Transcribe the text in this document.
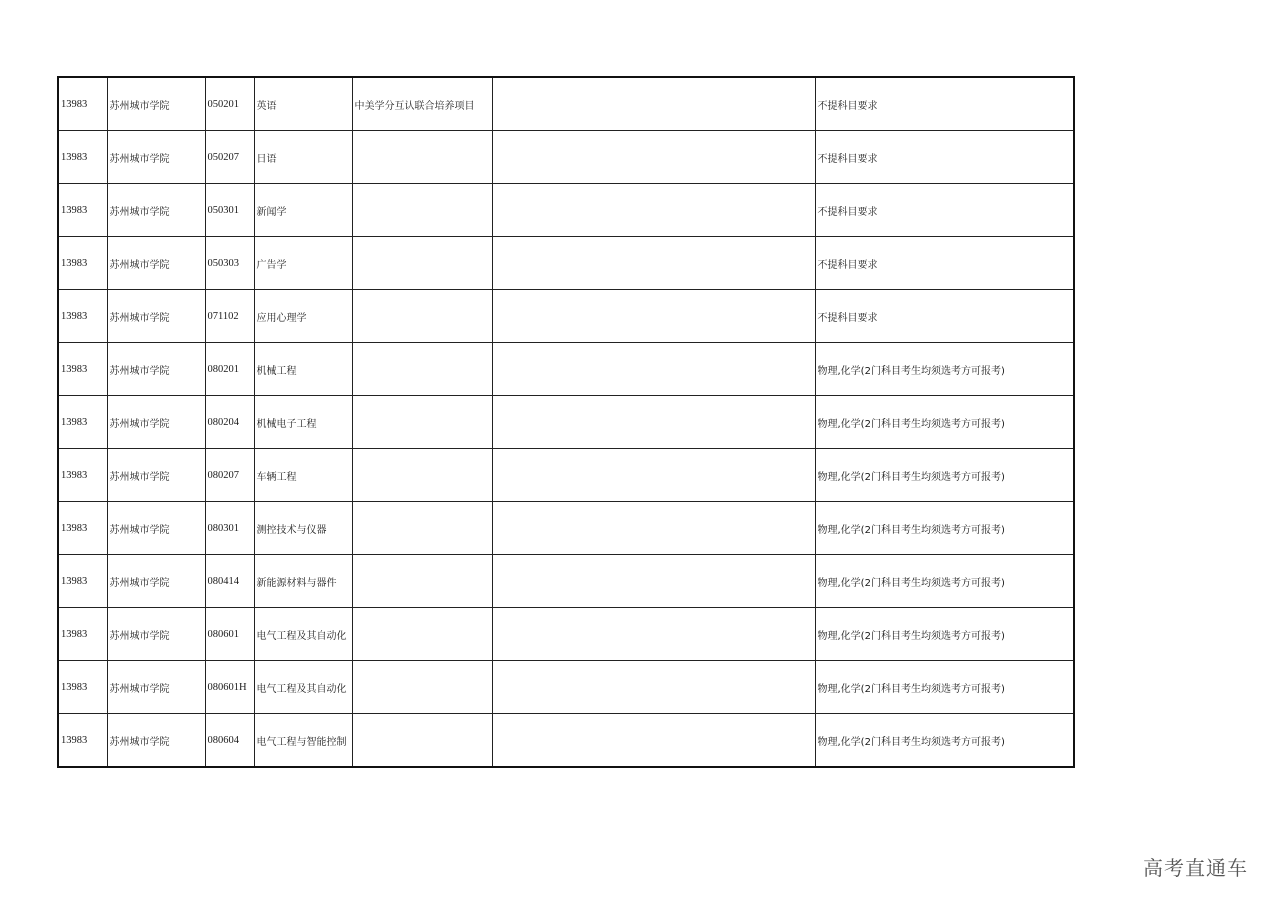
13983	苏州城市学院	050201	英语	中美学分互认联合培养项目		不提科目要求
13983	苏州城市学院	050207	日语			不提科目要求
13983	苏州城市学院	050301	新闻学			不提科目要求
13983	苏州城市学院	050303	广告学			不提科目要求
13983	苏州城市学院	071102	应用心理学			不提科目要求
13983	苏州城市学院	080201	机械工程			物理,化学(2门科目考生均须选考方可报考)
13983	苏州城市学院	080204	机械电子工程			物理,化学(2门科目考生均须选考方可报考)
13983	苏州城市学院	080207	车辆工程			物理,化学(2门科目考生均须选考方可报考)
13983	苏州城市学院	080301	测控技术与仪器			物理,化学(2门科目考生均须选考方可报考)
13983	苏州城市学院	080414	新能源材料与器件			物理,化学(2门科目考生均须选考方可报考)
13983	苏州城市学院	080601	电气工程及其自动化			物理,化学(2门科目考生均须选考方可报考)
13983	苏州城市学院	080601H	电气工程及其自动化			物理,化学(2门科目考生均须选考方可报考)
13983	苏州城市学院	080604	电气工程与智能控制			物理,化学(2门科目考生均须选考方可报考)
高考直通车
